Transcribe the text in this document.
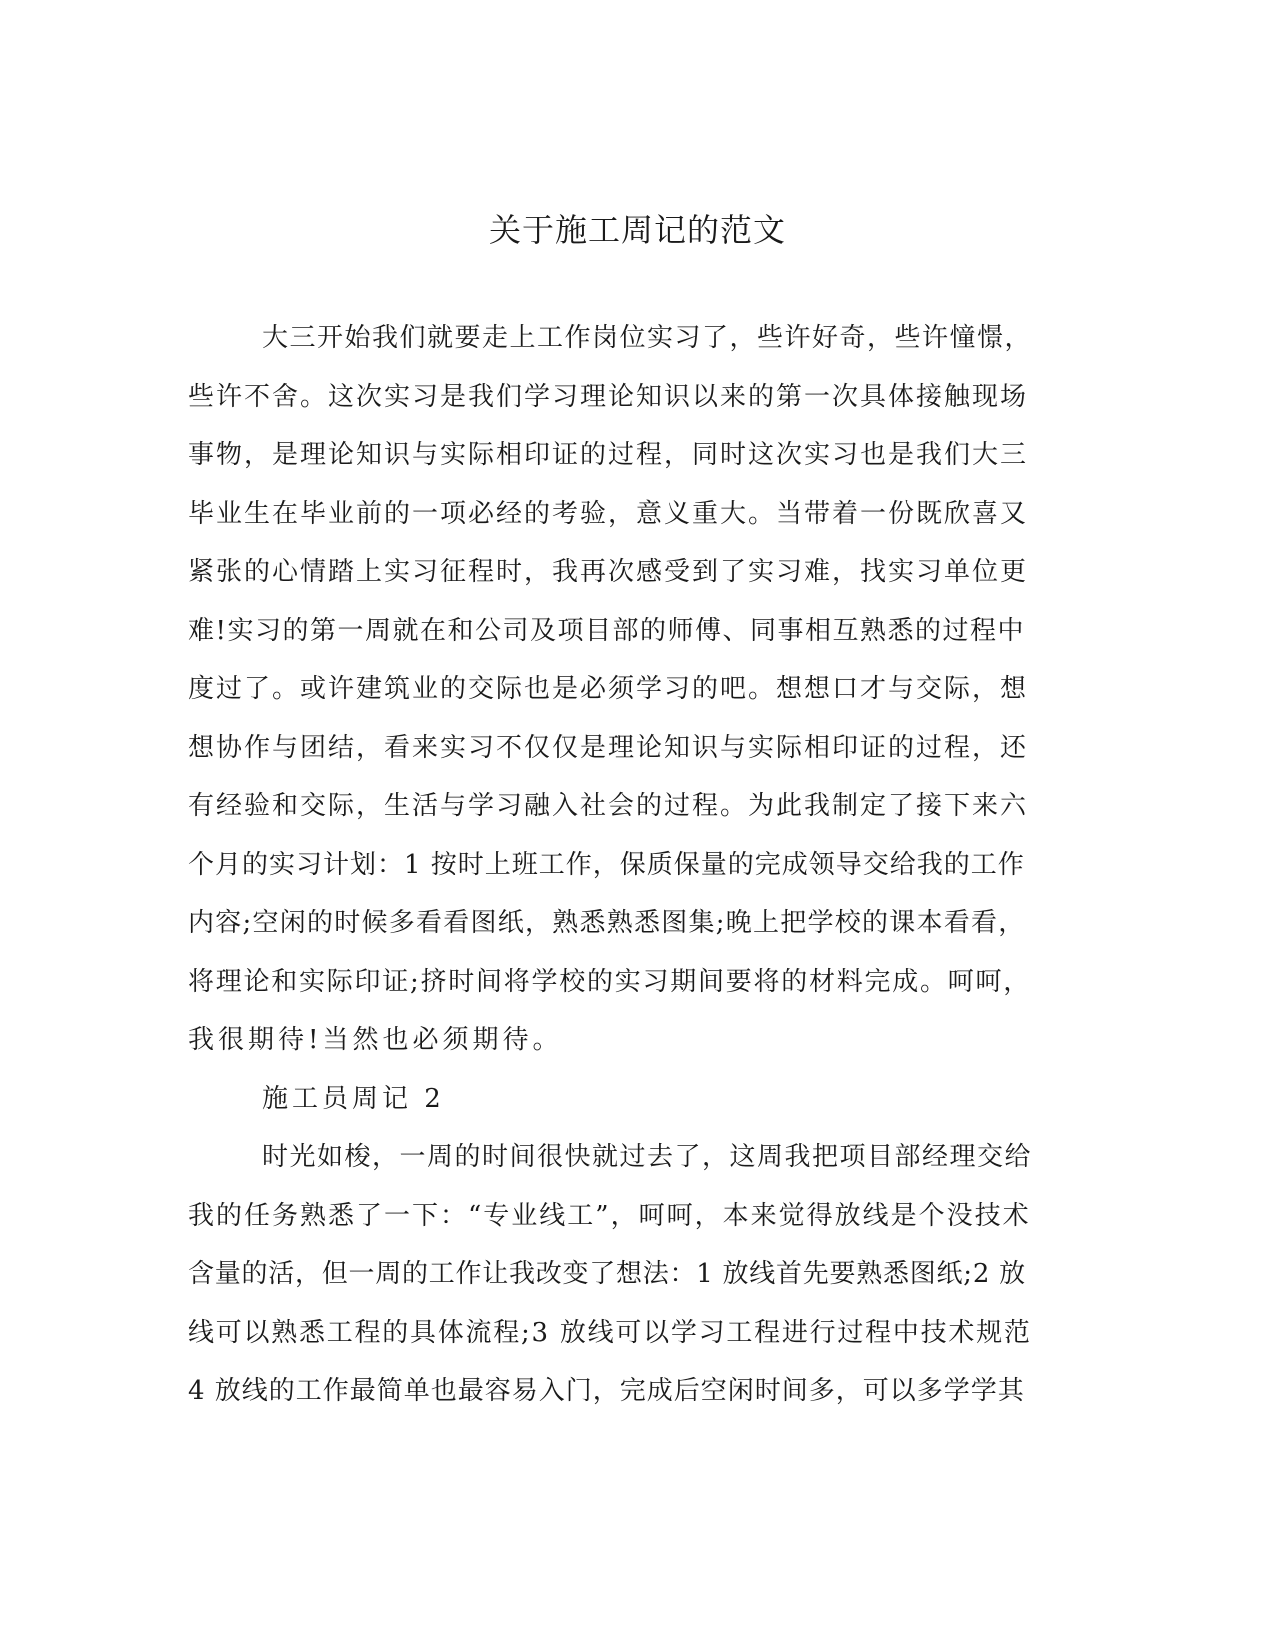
关于施工周记的范文
大三开始我们就要走上工作岗位实习了，些许好奇，些许憧憬，
些许不舍。这次实习是我们学习理论知识以来的第一次具体接触现场
事物，是理论知识与实际相印证的过程，同时这次实习也是我们大三
毕业生在毕业前的一项必经的考验，意义重大。当带着一份既欣喜又
紧张的心情踏上实习征程时，我再次感受到了实习难，找实习单位更
难!实习的第一周就在和公司及项目部的师傅、同事相互熟悉的过程中
度过了。或许建筑业的交际也是必须学习的吧。想想口才与交际，想
想协作与团结，看来实习不仅仅是理论知识与实际相印证的过程，还
有经验和交际，生活与学习融入社会的过程。为此我制定了接下来六
个月的实习计划：1 按时上班工作，保质保量的完成领导交给我的工作
内容;空闲的时候多看看图纸，熟悉熟悉图集;晚上把学校的课本看看，
将理论和实际印证;挤时间将学校的实习期间要将的材料完成。呵呵，
我很期待!当然也必须期待。
施工员周记 2
时光如梭，一周的时间很快就过去了，这周我把项目部经理交给
我的任务熟悉了一下：“专业线工”，呵呵，本来觉得放线是个没技术
含量的活，但一周的工作让我改变了想法：1 放线首先要熟悉图纸;2 放
线可以熟悉工程的具体流程;3 放线可以学习工程进行过程中技术规范
4 放线的工作最简单也最容易入门，完成后空闲时间多，可以多学学其
